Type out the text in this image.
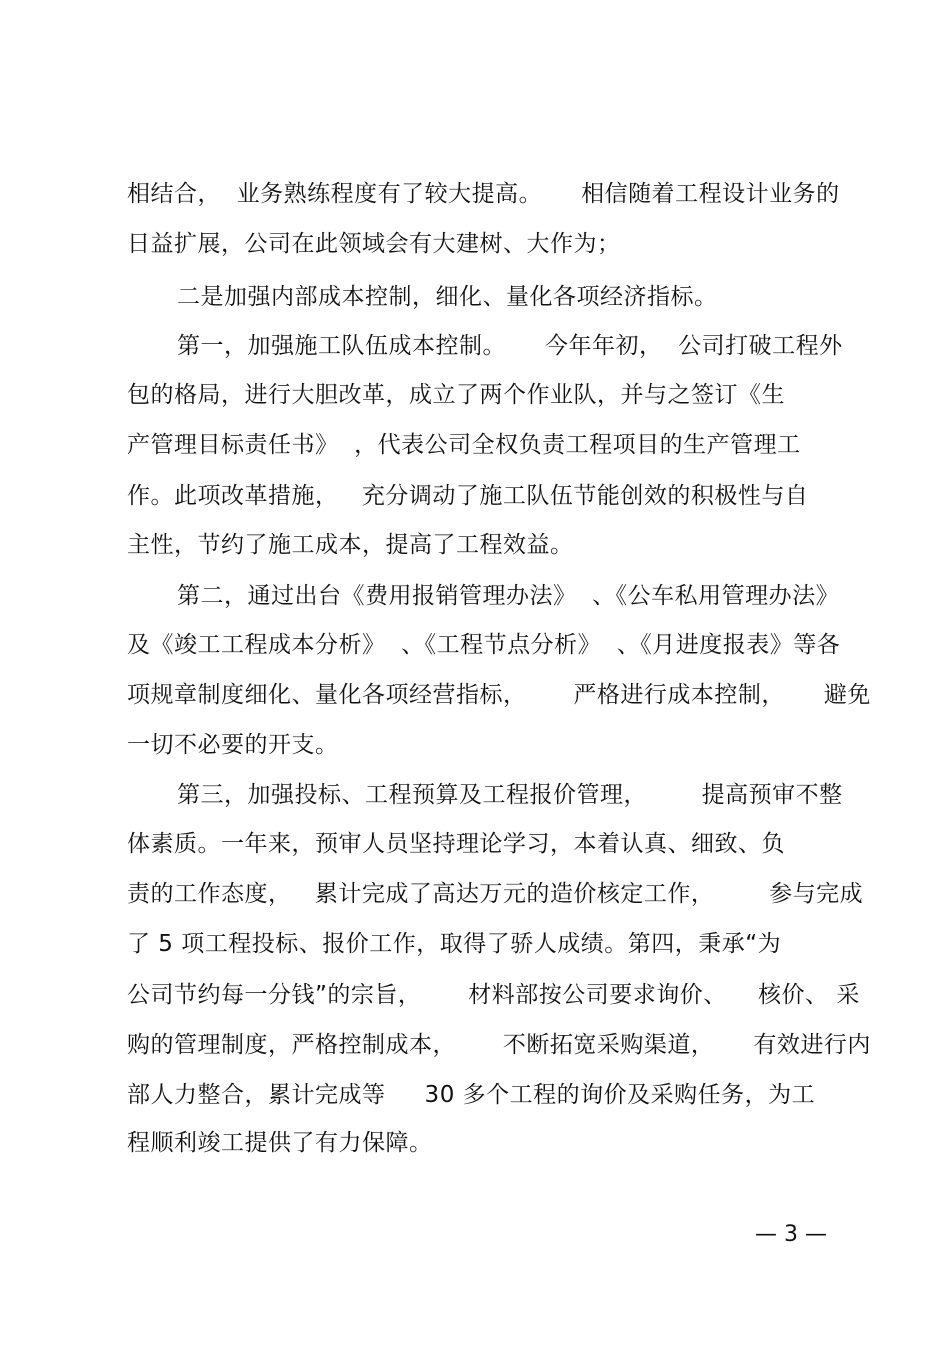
相结合，  业务熟练程度有了较大提高。     相信随着工程设计业务的
日益扩展，公司在此领域会有大建树、大作为；
二是加强内部成本控制，细化、量化各项经济指标。
第一，加强施工队伍成本控制。     今年年初，  公司打破工程外
包的格局，进行大胆改革，成立了两个作业队，并与之签订《生
产管理目标责任书》  ，代表公司全权负责工程项目的生产管理工
作。此项改革措施，   充分调动了施工队伍节能创效的积极性与自
主性，节约了施工成本，提高了工程效益。
第二，通过出台《费用报销管理办法》  、《公车私用管理办法》
及《竣工工程成本分析》  、《工程节点分析》  、《月进度报表》等各
项规章制度细化、量化各项经营指标，      严格进行成本控制，     避免
一切不必要的开支。
第三，加强投标、工程预算及工程报价管理，       提高预审不整
体素质。一年来，预审人员坚持理论学习，本着认真、细致、负
责的工作态度，   累计完成了高达万元的造价核定工作，       参与完成
了 5 项工程投标、报价工作，取得了骄人成绩。第四，秉承“为
公司节约每一分钱”的宗旨，      材料部按公司要求询价、    核价、 采
购的管理制度，严格控制成本，      不断拓宽采购渠道，     有效进行内
部人力整合，累计完成等     30 多个工程的询价及采购任务，为工
程顺利竣工提供了有力保障。
— 3 —
